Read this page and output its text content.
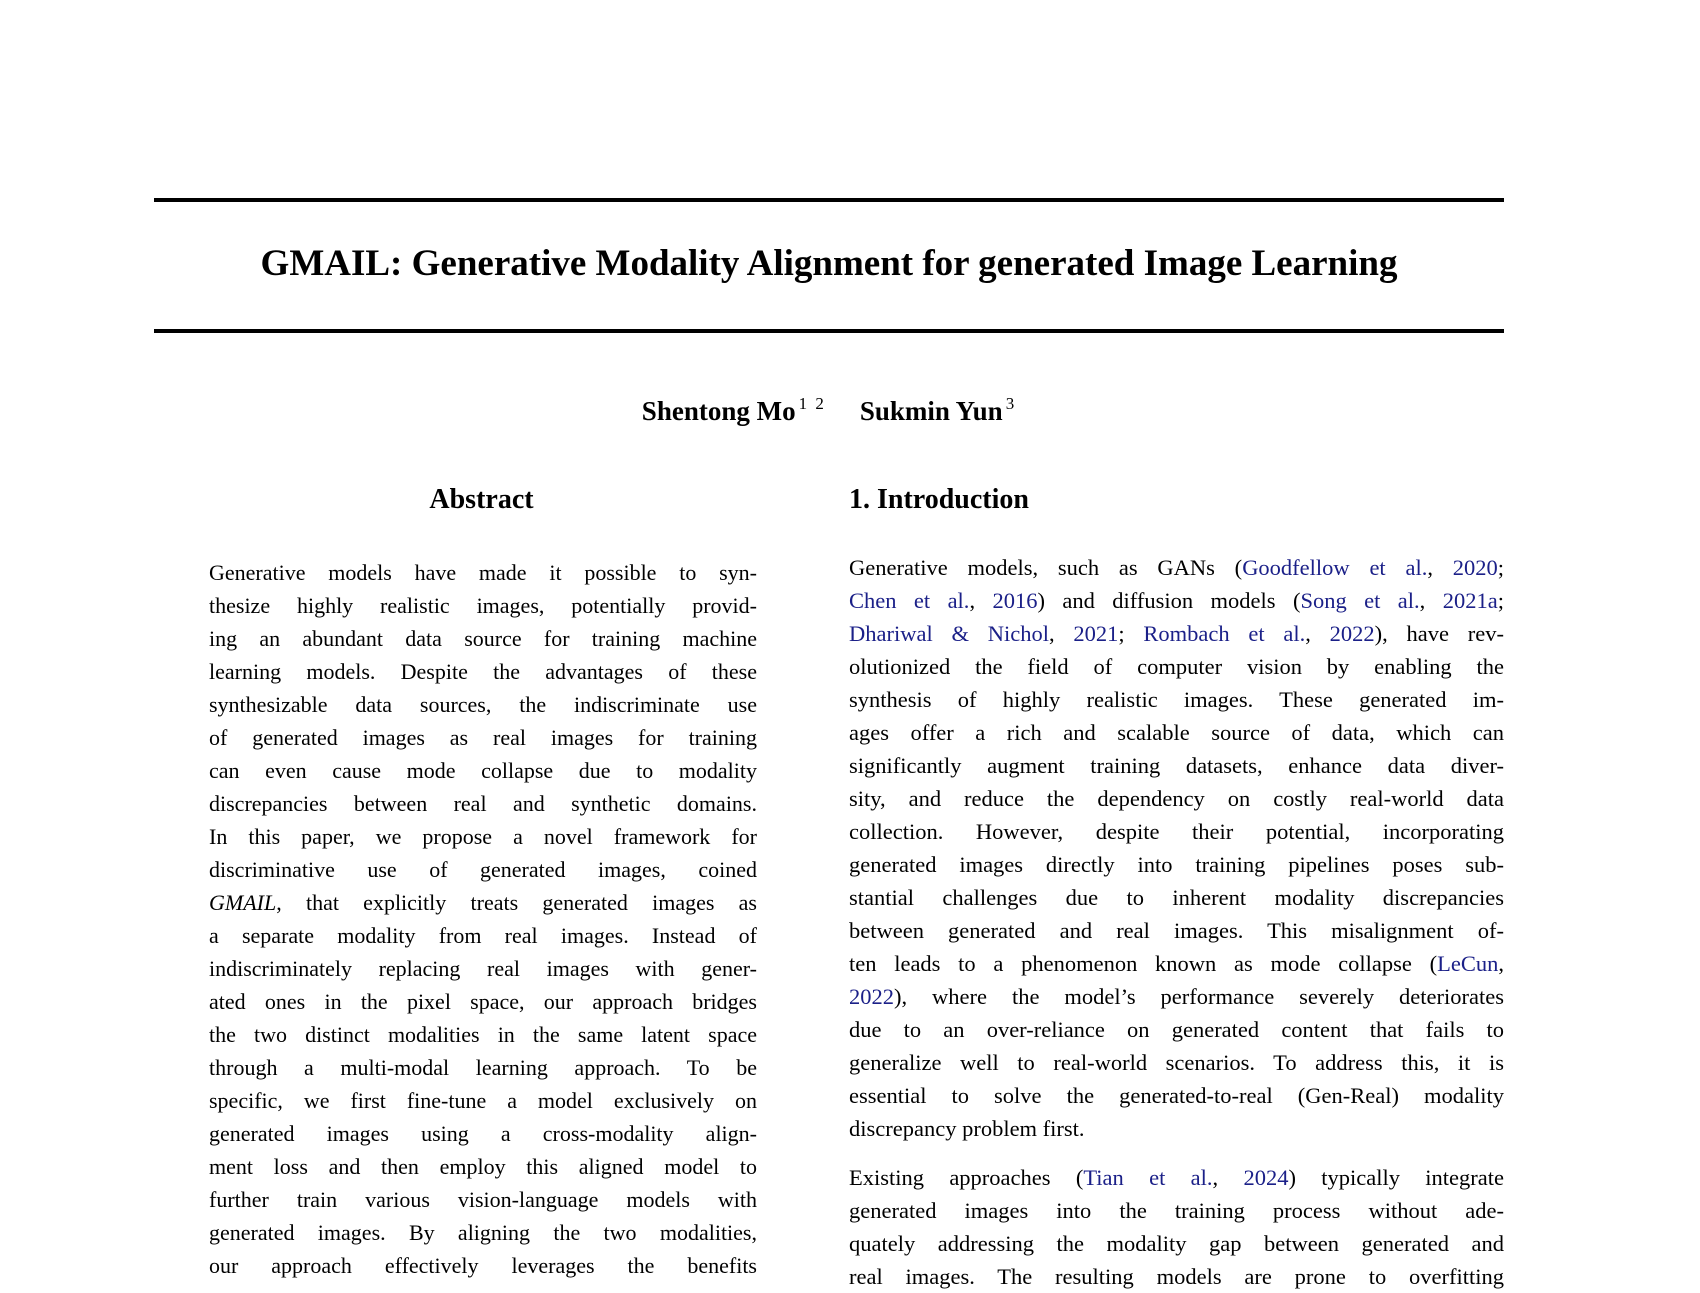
GMAIL: Generative Modality Alignment for generated Image Learning
Shentong Mo $^{1 2}$ Sukmin Yun $^3$
Abstract
Generative models have made it possible to syn-
thesize highly realistic images, potentially provid-
ing an abundant data source for training machine
learning models. Despite the advantages of these
synthesizable data sources, the indiscriminate use
of generated images as real images for training
can even cause mode collapse due to modality
discrepancies between real and synthetic domains.
In this paper, we propose a novel framework for
discriminative use of generated images, coined
GMAIL, that explicitly treats generated images as
a separate modality from real images. Instead of
indiscriminately replacing real images with gener-
ated ones in the pixel space, our approach bridges
the two distinct modalities in the same latent space
through a multi-modal learning approach. To be
specific, we first fine-tune a model exclusively on
generated images using a cross-modality align-
ment loss and then employ this aligned model to
further train various vision-language models with
generated images. By aligning the two modalities,
our approach effectively leverages the benefits
1. Introduction
Generative models, such as GANs (Goodfellow et al., 2020;
Chen et al., 2016) and diffusion models (Song et al., 2021a;
Dhariwal & Nichol, 2021; Rombach et al., 2022), have rev-
olutionized the field of computer vision by enabling the
synthesis of highly realistic images. These generated im-
ages offer a rich and scalable source of data, which can
significantly augment training datasets, enhance data diver-
sity, and reduce the dependency on costly real-world data
collection. However, despite their potential, incorporating
generated images directly into training pipelines poses sub-
stantial challenges due to inherent modality discrepancies
between generated and real images. This misalignment of-
ten leads to a phenomenon known as mode collapse (LeCun,
2022), where the model’s performance severely deteriorates
due to an over-reliance on generated content that fails to
generalize well to real-world scenarios. To address this, it is
essential to solve the generated-to-real (Gen-Real) modality
discrepancy problem first.
Existing approaches (Tian et al., 2024) typically integrate
generated images into the training process without ade-
quately addressing the modality gap between generated and
real images. The resulting models are prone to overfitting
